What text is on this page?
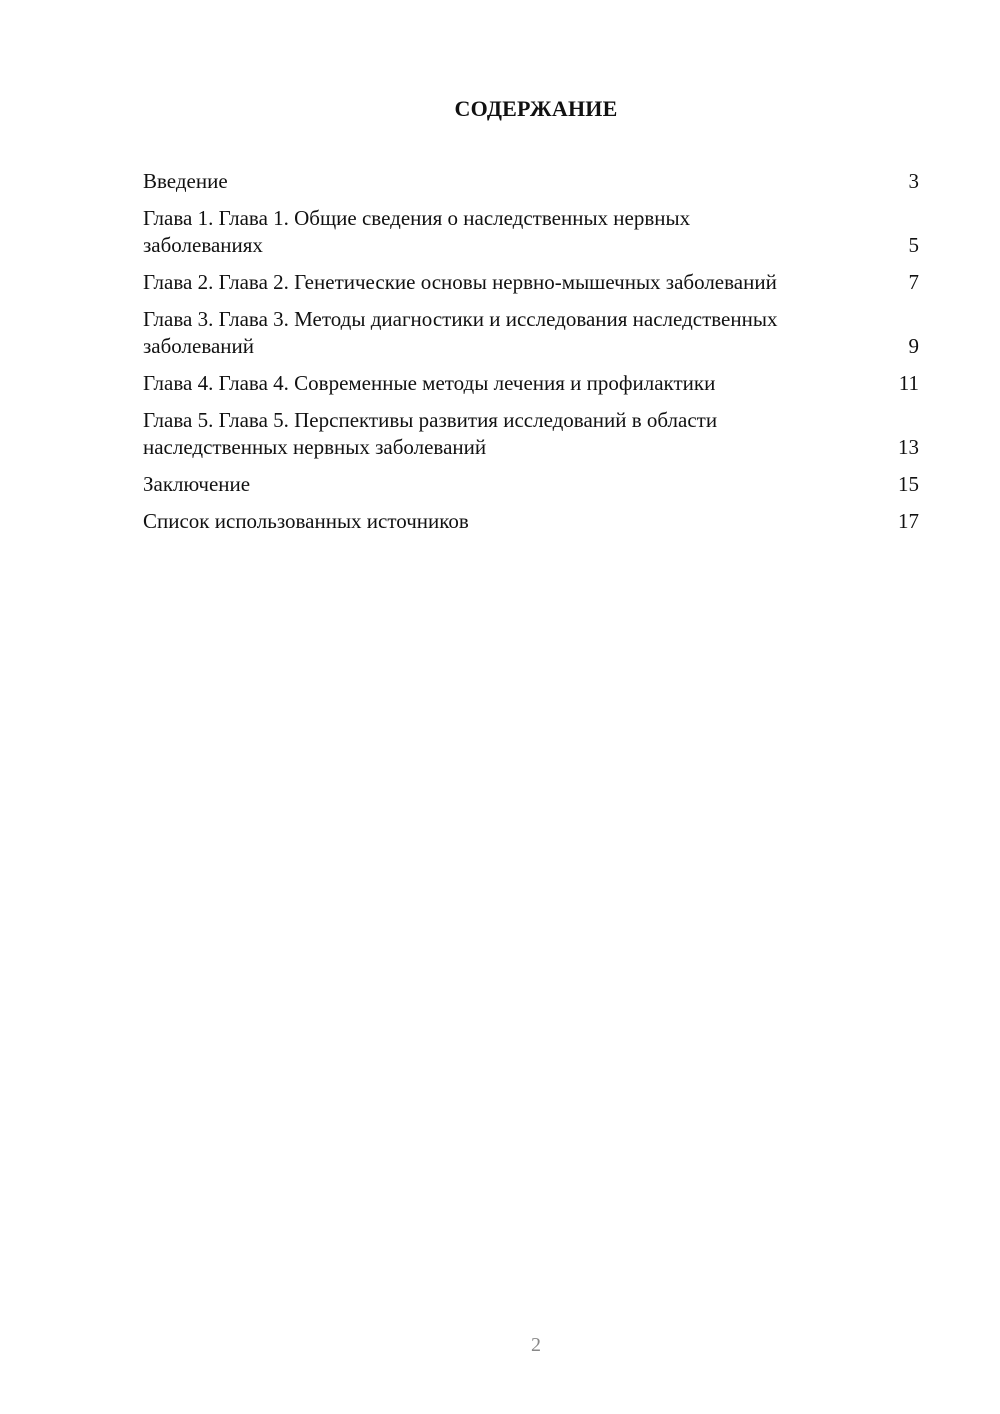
СОДЕРЖАНИЕ
Введение	3
Глава 1. Глава 1. Общие сведения о наследственных нервных заболеваниях	5
Глава 2. Глава 2. Генетические основы нервно-мышечных заболеваний	7
Глава 3. Глава 3. Методы диагностики и исследования наследственных заболеваний	9
Глава 4. Глава 4. Современные методы лечения и профилактики	11
Глава 5. Глава 5. Перспективы развития исследований в области наследственных нервных заболеваний	13
Заключение	15
Список использованных источников	17
2
